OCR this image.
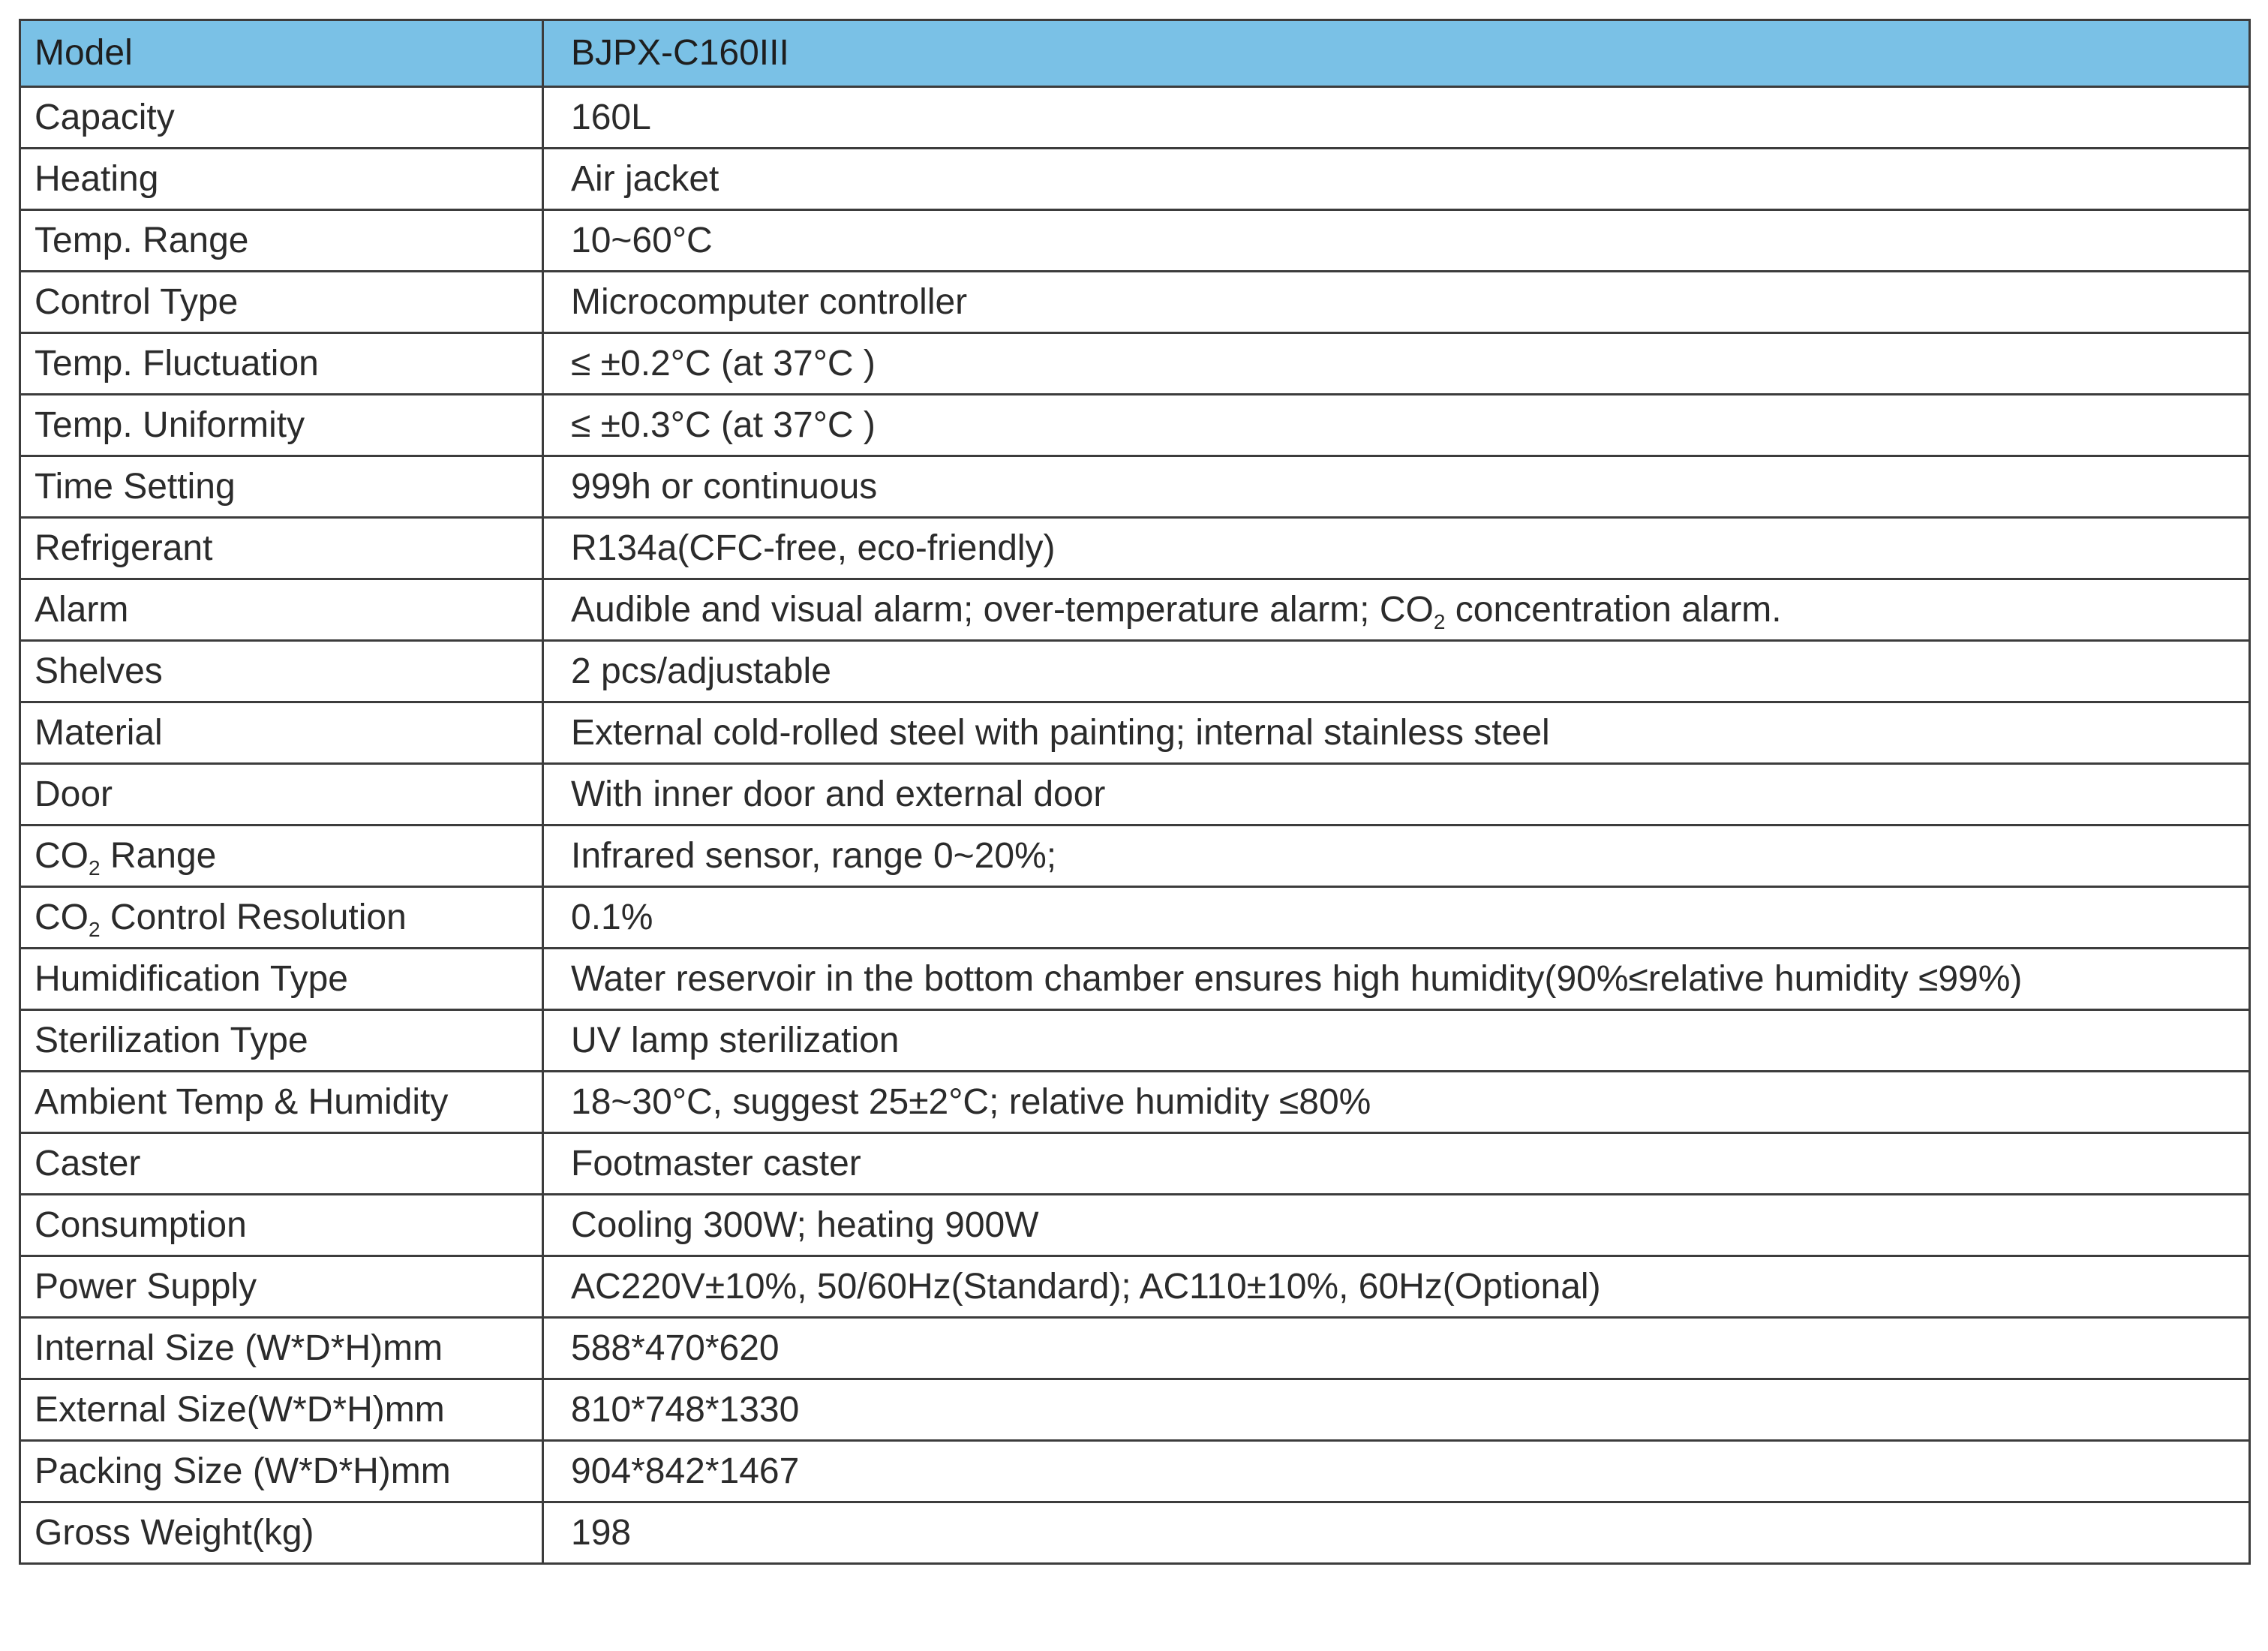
Model	BJPX-C160III
Capacity	160L
Heating	Air jacket
Temp. Range	10~60°C
Control Type	Microcomputer controller
Temp. Fluctuation	≤ ±0.2°C (at 37°C )
Temp. Uniformity	≤ ±0.3°C (at 37°C )
Time Setting	999h or continuous
Refrigerant	R134a(CFC-free, eco-friendly)
Alarm	Audible and visual alarm; over-temperature alarm; $CO_2$ concentration alarm.
Shelves	2 pcs/adjustable
Material	External cold-rolled steel with painting; internal stainless steel
Door	With inner door and external door
$CO_2$ Range	Infrared sensor, range 0~20%;
$CO_2$ Control Resolution	0.1%
Humidification Type	Water reservoir in the bottom chamber ensures high humidity(90%≤relative humidity ≤99%)
Sterilization Type	UV lamp sterilization
Ambient Temp & Humidity	18~30°C, suggest 25±2°C; relative humidity ≤80%
Caster	Footmaster caster
Consumption	Cooling 300W; heating 900W
Power Supply	AC220V±10%, 50/60Hz(Standard); AC110±10%, 60Hz(Optional)
Internal Size (W*D*H)mm	588*470*620
External Size(W*D*H)mm	810*748*1330
Packing Size (W*D*H)mm	904*842*1467
Gross Weight(kg)	198
